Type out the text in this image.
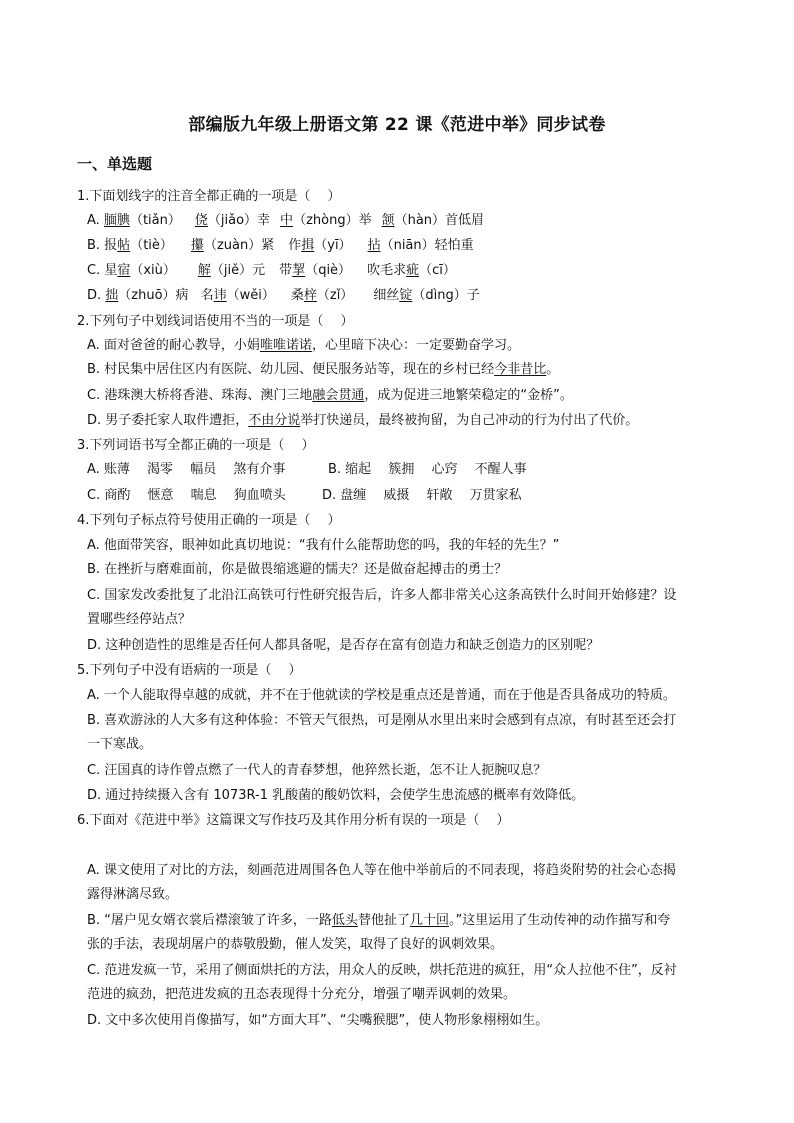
部编版九年级上册语文第 22 课《范进中举》同步试卷
一、单选题
1.下面划线字的注音全都正确的一项是（　 ）
A. 腼腆（tiǎn） 侥（jiǎo）幸 中（zhòng）举 颔（hàn）首低眉
B. 报帖（tiè） 攥（zuàn）紧 作揖（yī） 拈（niān）轻怕重
C. 星宿（xiù） 解（jiě）元 带挈（qiè） 吹毛求疵（cī）
D. 拙（zhuō）病 名讳（wěi） 桑梓（zǐ） 细丝锭（dìng）子
2.下列句子中划线词语使用不当的一项是（　 ）
A. 面对爸爸的耐心教导，小娟唯唯诺诺，心里暗下决心：一定要勤奋学习。
B. 村民集中居住区内有医院、幼儿园、便民服务站等，现在的乡村已经今非昔比。
C. 港珠澳大桥将香港、珠海、澳门三地融会贯通，成为促进三地繁荣稳定的“金桥”。
D. 男子委托家人取件遭拒，不由分说举打快递员，最终被拘留，为自己冲动的行为付出了代价。
3.下列词语书写全都正确的一项是（　 ）
A. 账薄　 渴零　 幅员　 煞有介事	B. 缩起　 簇拥　 心窍　 不醒人事
C. 商酌　 惬意　 喘息　 狗血喷头	D. 盘缠　 威摄　 轩敞　 万贯家私
4.下列句子标点符号使用正确的一项是（　 ）
A. 他面带笑容，眼神如此真切地说：“我有什么能帮助您的吗，我的年轻的先生？”
B. 在挫折与磨难面前，你是做畏缩逃避的懦夫？还是做奋起搏击的勇士？
C. 国家发改委批复了北沿江高铁可行性研究报告后，许多人都非常关心这条高铁什么时间开始修建？设
置哪些经停站点？
D. 这种创造性的思维是否任何人都具备呢，是否存在富有创造力和缺乏创造力的区别呢？
5.下列句子中没有语病的一项是（　 ）
A. 一个人能取得卓越的成就，并不在于他就读的学校是重点还是普通，而在于他是否具备成功的特质。
B. 喜欢游泳的人大多有这种体验：不管天气很热，可是刚从水里出来时会感到有点凉，有时甚至还会打
一下寒战。
C. 汪国真的诗作曾点燃了一代人的青春梦想，他猝然长逝，怎不让人扼腕叹息？
D. 通过持续摄入含有 1073R-1 乳酸菌的酸奶饮料，会使学生患流感的概率有效降低。
6.下面对《范进中举》这篇课文写作技巧及其作用分析有误的一项是（　 ）
A. 课文使用了对比的方法，刻画范进周围各色人等在他中举前后的不同表现，将趋炎附势的社会心态揭
露得淋漓尽致。
B. “屠户见女婿衣裳后襟滚皱了许多，一路低头替他扯了几十回。”这里运用了生动传神的动作描写和夸
张的手法，表现胡屠户的恭敬殷勤，催人发笑，取得了良好的讽刺效果。
C. 范进发疯一节，采用了侧面烘托的方法，用众人的反映，烘托范进的疯狂，用“众人拉他不住”，反衬
范进的疯劲，把范进发疯的丑态表现得十分充分，增强了嘲弄讽刺的效果。
D. 文中多次使用肖像描写，如“方面大耳”、“尖嘴猴腮”，使人物形象栩栩如生。
